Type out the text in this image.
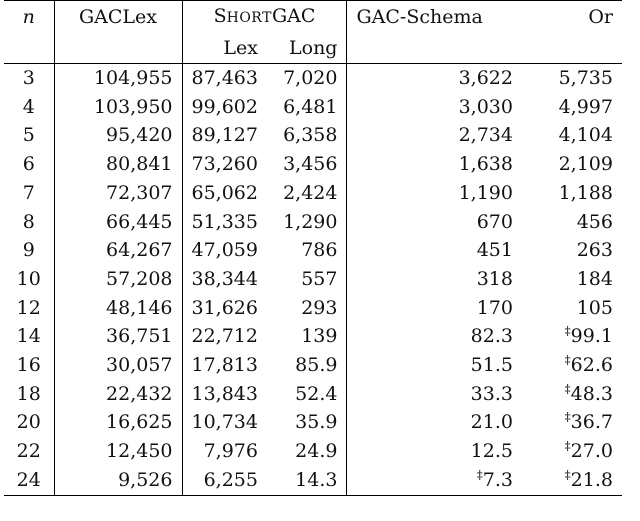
n	GACLex	SHORTGAC		GAC-Schema	Or
		Lex	Long		
3	104,955	87,463	7,020	3,622	5,735
4	103,950	99,602	6,481	3,030	4,997
5	95,420	89,127	6,358	2,734	4,104
6	80,841	73,260	3,456	1,638	2,109
7	72,307	65,062	2,424	1,190	1,188
8	66,445	51,335	1,290	670	456
9	64,267	47,059	786	451	263
10	57,208	38,344	557	318	184
12	48,146	31,626	293	170	105
14	36,751	22,712	139	82.3	‡99.1
16	30,057	17,813	85.9	51.5	‡62.6
18	22,432	13,843	52.4	33.3	‡48.3
20	16,625	10,734	35.9	21.0	‡36.7
22	12,450	7,976	24.9	12.5	‡27.0
24	9,526	6,255	14.3	‡7.3	‡21.8
